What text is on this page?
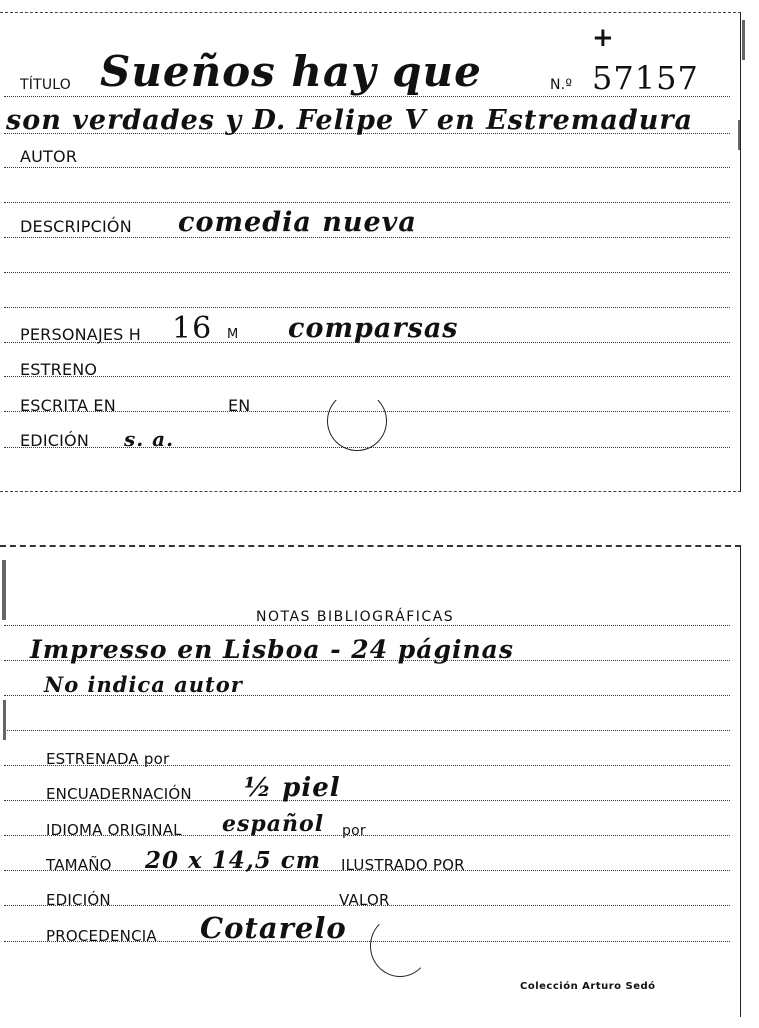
+
TÍTULO Sueños hay que	N.º 57157
son verdades y D. Felipe V en Estremadura
AUTOR
DESCRIPCIÓN comedia nueva
PERSONAJES H 16 M comparsas
ESTRENO
ESCRITA EN	EN
EDICIÓN s. a.
NOTAS BIBLIOGRÁFICAS
Impresso en Lisboa - 24 páginas
No indica autor
ESTRENADA por
ENCUADERNACIÓN ½ piel
IDIOMA ORIGINAL español por
TAMAÑO 20 x 14,5 cm ILUSTRADO POR
EDICIÓN	VALOR
PROCEDENCIA Cotarelo
Colección Arturo Sedó
